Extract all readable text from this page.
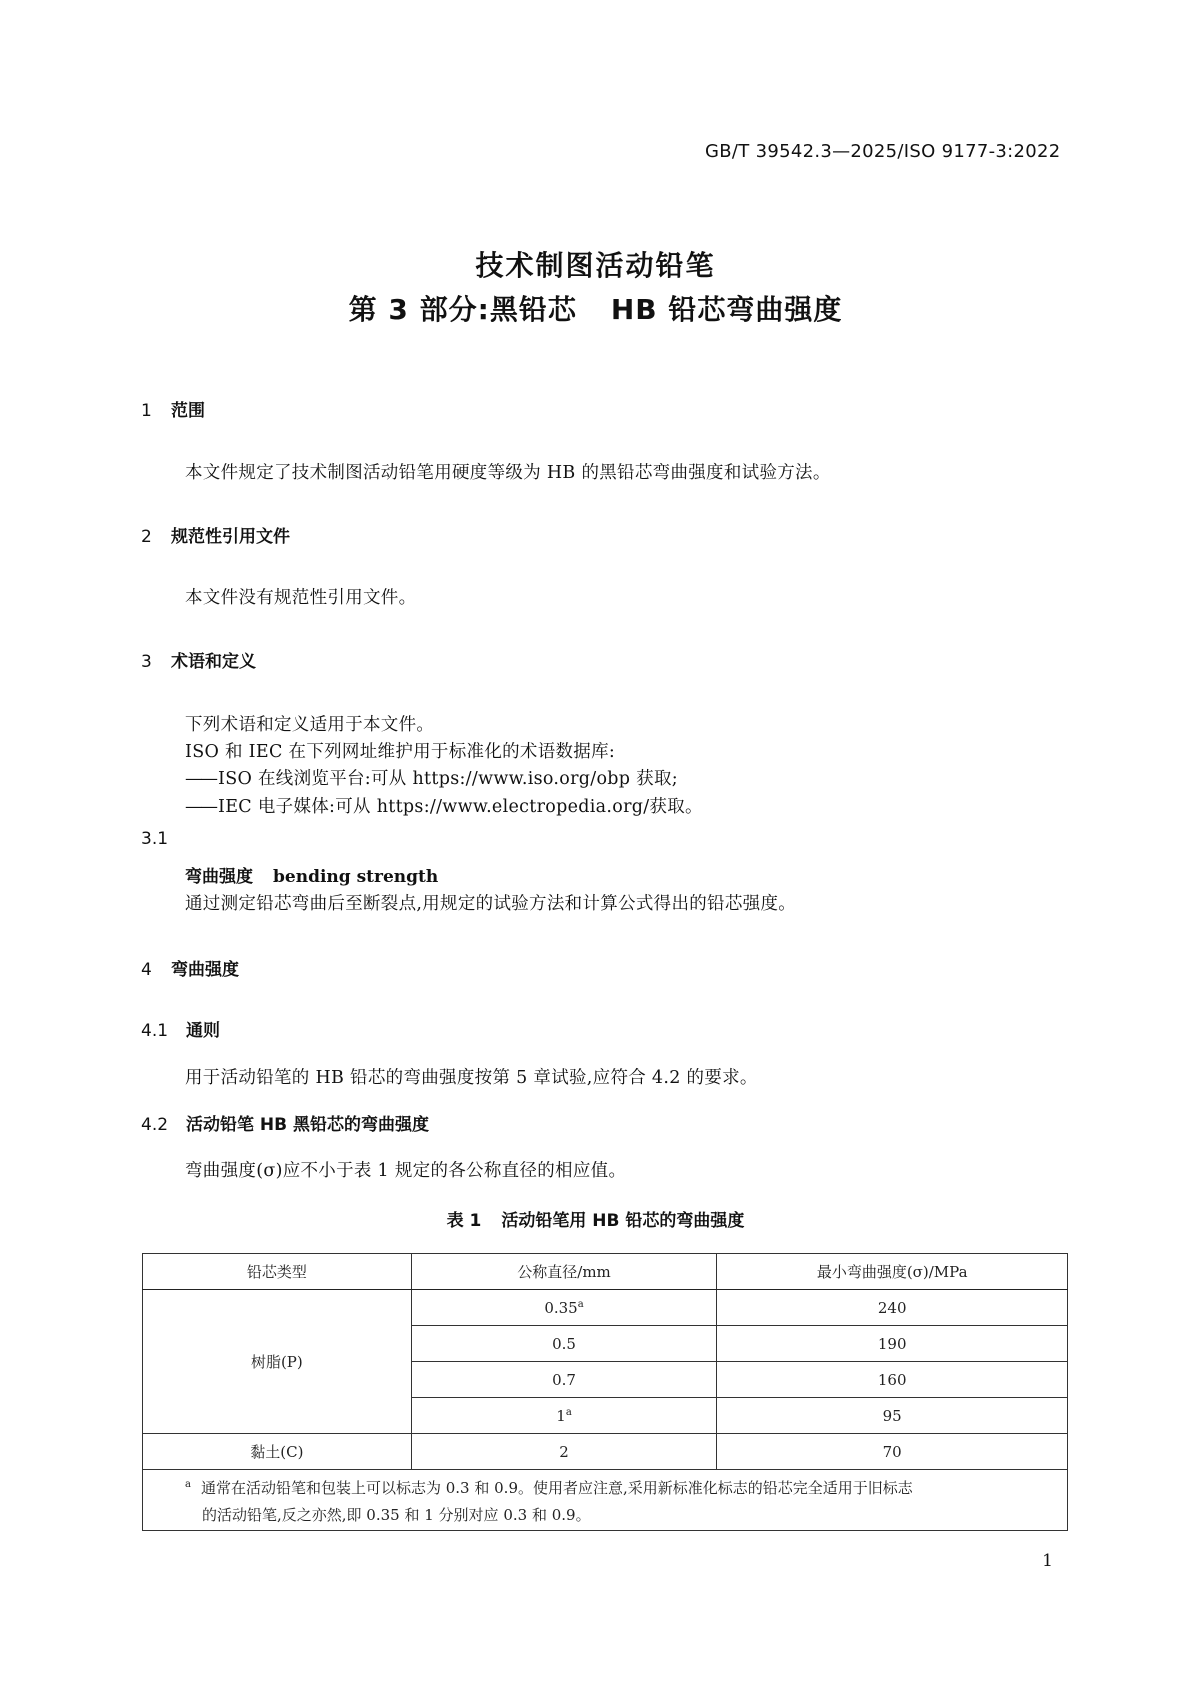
GB/T 39542.3—2025/ISO 9177-3:2022
技术制图活动铅笔
第 3 部分:黑铅芯 HB 铅芯弯曲强度
1 范围
本文件规定了技术制图活动铅笔用硬度等级为 HB 的黑铅芯弯曲强度和试验方法。
2 规范性引用文件
本文件没有规范性引用文件。
3 术语和定义
下列术语和定义适用于本文件。
ISO 和 IEC 在下列网址维护用于标准化的术语数据库:
—— ISO 在线浏览平台:可从 https://www.iso.org/obp 获取;
—— IEC 电子媒体:可从 https://www.electropedia.org/获取。
3.1
弯曲强度 bending strength
通过测定铅芯弯曲后至断裂点,用规定的试验方法和计算公式得出的铅芯强度。
4 弯曲强度
4.1 通则
用于活动铅笔的 HB 铅芯的弯曲强度按第 5 章试验,应符合 4.2 的要求。
4.2 活动铅笔 HB 黑铅芯的弯曲强度
弯曲强度(σ)应不小于表 1 规定的各公称直径的相应值。
表 1 活动铅笔用 HB 铅芯的弯曲强度
铅芯类型	公称直径/mm	最小弯曲强度(σ)/MPa
树脂(P)	0.35$^a$	240
	0.5	190
	0.7	160
	1$^a$	95
黏土(C)	2	70

$^a$ 通常在活动铅笔和包装上可以标志为 0.3 和 0.9。使用者应注意,采用新标准化标志的铅芯完全适用于旧标志
的活动铅笔,反之亦然,即 0.35 和 1 分别对应 0.3 和 0.9。		
1
